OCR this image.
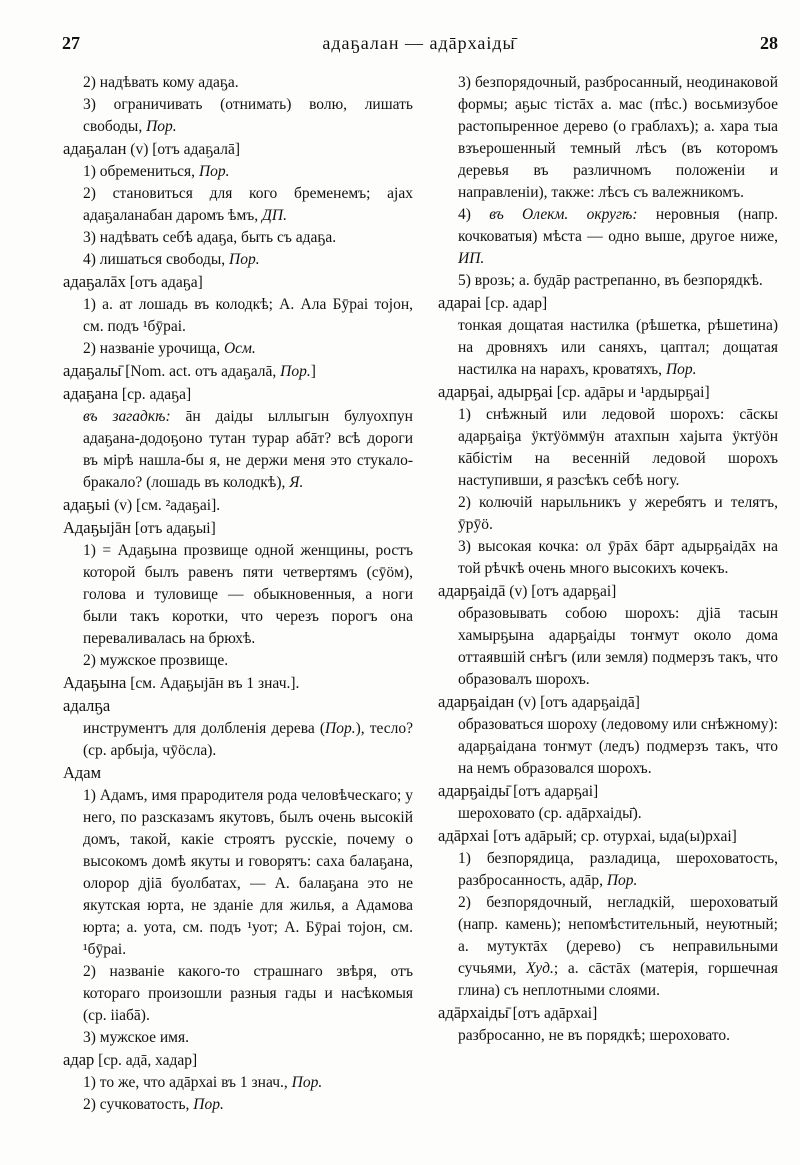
27	адаҕалан — адāрхаіды̄	28
2) надѣвать кому адаҕа.
3) ограничивать (отнимать) волю, лишать свободы, Пор.
адаҕалан (v) [отъ адаҕалā]
1) обремениться, Пор.
2) становиться для кого бременемъ; ајах адаҕаланабан даромъ ѣмъ, ДП.
3) надѣвать себѣ адаҕа, быть съ адаҕа.
4) лишаться свободы, Пор.
адаҕалāх [отъ адаҕа]
1) а. ат лошадь въ колодкѣ; А. Ала Бӯраі тојон, см. подъ ¹бӯраі.
2) названіе урочища, Осм.
адаҕалы̄ [Nom. act. отъ адаҕалā, Пор.]
адаҕана [ср. адаҕа]
въ загадкѣ: āн даіды ыллыгын булуохпун адаҕана-додоҕоно тутан турар абāт? всѣ дороги въ мірѣ нашла-бы я, не держи меня это стукало-бракало? (лошадь въ колодкѣ), Я.
адаҕыі (v) [см. ²адаҕаі].
Адаҕыјāн [отъ адаҕыі]
1) = Адаҕына прозвище одной женщины, ростъ которой былъ равенъ пяти четвертямъ (сӯӧм), голова и туловище — обыкновенныя, а ноги были такъ коротки, что черезъ порогъ она переваливалась на брюхѣ.
2) мужское прозвище.
Адаҕына [см. Адаҕыјāн въ 1 знач.].
адалҕа
инструментъ для долбленія дерева (Пор.), тесло? (ср. арбыја, чӯӧсла).
Адам
1) Адамъ, имя прародителя рода человѣческаго; у него, по разсказамъ якутовъ, былъ очень высокій домъ, такой, какіе строятъ русскіе, почему о высокомъ домѣ якуты и говорятъ: саха балаҕана, олорор дјіā буолбатах, — А. балаҕана это не якутская юрта, не зданіе для жилья, а Адамова юрта; а. уота, см. подъ ¹уот; А. Бӯраі тојон, см. ¹бӯраі.
2) названіе какого-то страшнаго звѣря, отъ котораго произошли разныя гады и насѣкомыя (ср. ііабā).
3) мужское имя.
адар [ср. адā, хадар]
1) то же, что адāрхаі въ 1 знач., Пор.
2) сучковатость, Пор.
3) безпорядочный, разбросанный, неодинаковой формы; аҕыс тістāх а. мас (пѣс.) восьмизубое растопыренное дерево (о граблахъ); а. хара тыа взъерошенный темный лѣсъ (въ которомъ деревья въ различномъ положеніи и направленіи), также: лѣсъ съ валежникомъ.
4) въ Олекм. округѣ: неровныя (напр. кочковатыя) мѣста — одно выше, другое ниже, ИП.
5) врозь; а. будāр растрепанно, въ безпорядкѣ.
адараі [ср. адар]
тонкая дощатая настилка (рѣшетка, рѣшетина) на дровняхъ или саняхъ, цаптал; дощатая настилка на нарахъ, кроватяхъ, Пор.
адарҕаі, адырҕаі [ср. адāры и ¹ардырҕаі]
1) снѣжный или ледовой шорохъ: сāскы адарҕаіҕа ӱктӱӧммӱн атахпын хајыта ӱктӱӧн кāбістім на весенній ледовой шорохъ наступивши, я разсѣкъ себѣ ногу.
2) колючій нарыльникъ у жеребятъ и телятъ, ӯрӯӧ.
3) высокая кочка: ол ӯрāх бāрт адырҕаідāх на той рѣчкѣ очень много высокихъ кочекъ.
адарҕаідā (v) [отъ адарҕаі]
образовывать собою шорохъ: дјіā тасын хамырҕына адарҕаіды тоҥмут около дома оттаявшій снѣгъ (или земля) подмерзъ такъ, что образовалъ шорохъ.
адарҕаідан (v) [отъ адарҕаідā]
образоваться шороху (ледовому или снѣжному): адарҕаідана тоҥмут (ледъ) подмерзъ такъ, что на немъ образовался шорохъ.
адарҕаіды̄ [отъ адарҕаі]
шероховато (ср. адāрхаіды̄).
адāрхаі [отъ адāрый; ср. отурхаі, ыда(ы)рхаі]
1) безпорядица, разладица, шероховатость, разбросанность, адāр, Пор.
2) безпорядочный, негладкій, шероховатый (напр. камень); непомѣстительный, неуютный; а. мутуктāх (дерево) съ неправильными сучьями, Худ.; а. сāстāх (матерія, горшечная глина) съ неплотными слоями.
адāрхаіды̄ [отъ адāрхаі]
разбросанно, не въ порядкѣ; шероховато.
